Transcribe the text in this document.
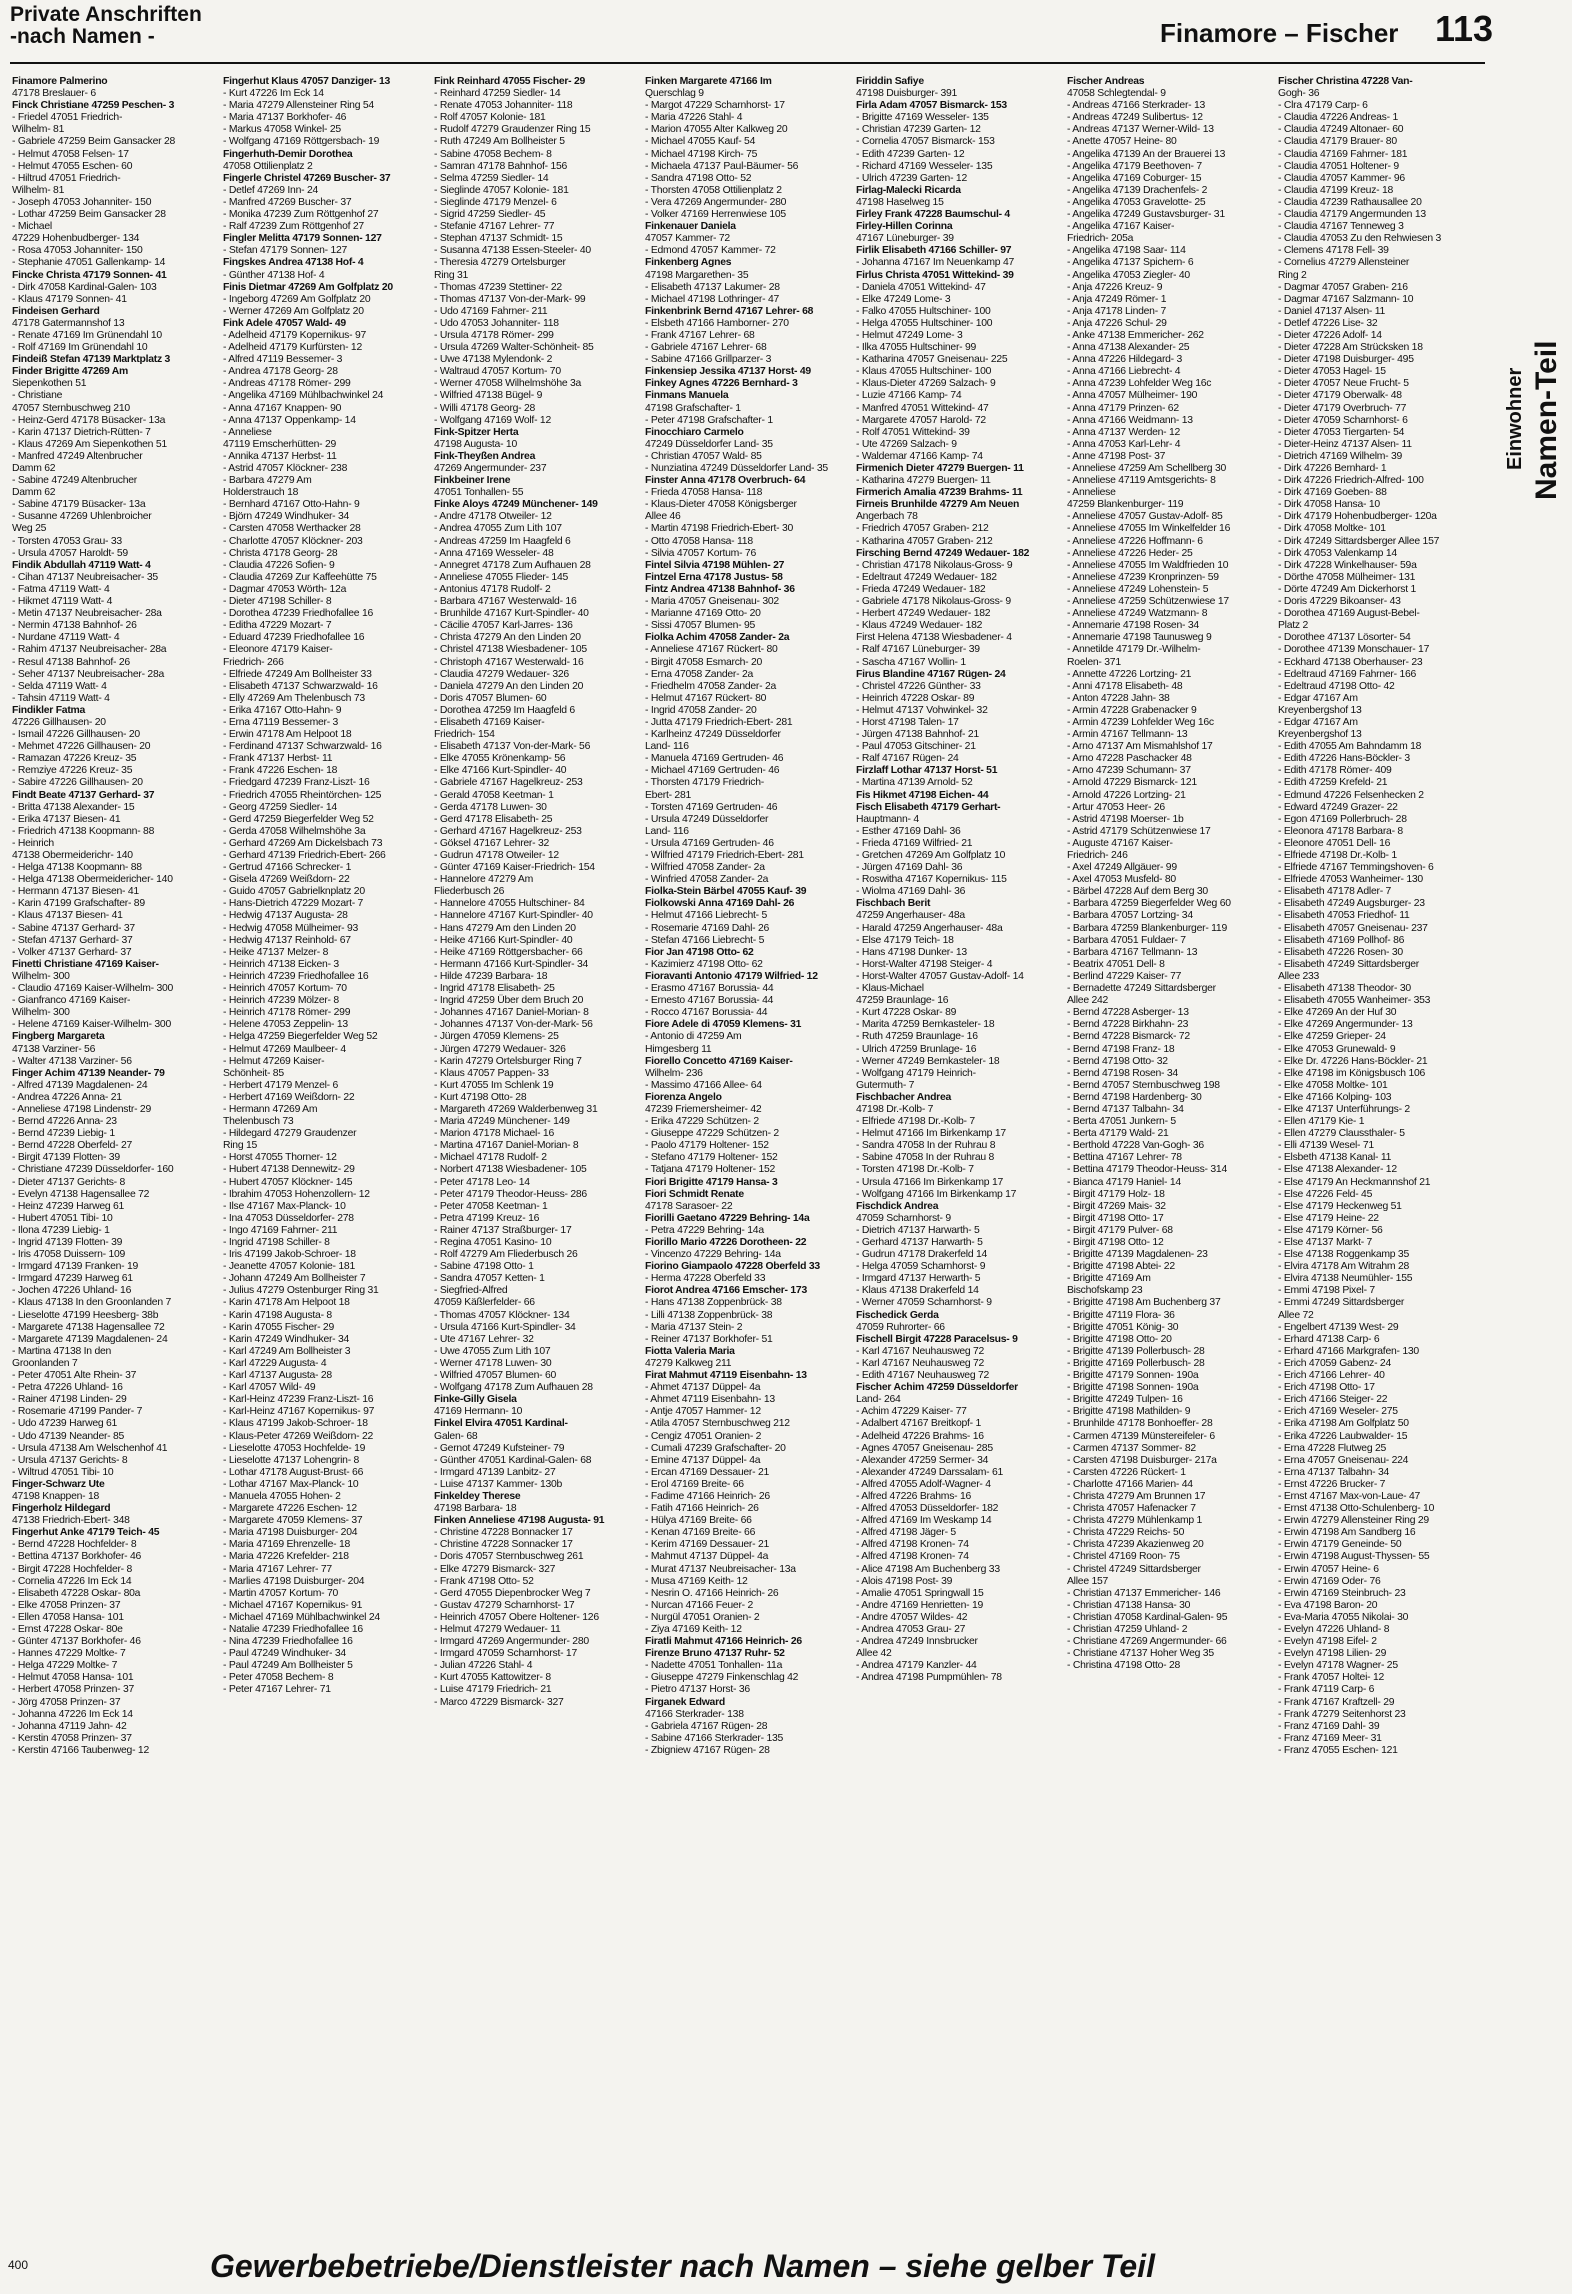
Private Anschriften
-nach Namen -	Finamore – Fischer 113
Finamore Palmerino
47178 Breslauer- 6
Finck Christiane 47259 Peschen- 3
- Friedel 47051 Friedrich-
Wilhelm- 81
- Gabriele 47259 Beim Gansacker 28
- Helmut 47058 Felsen- 17
- Helmut 47055 Eschen- 60
- Hiltrud 47051 Friedrich-
Wilhelm- 81
- Joseph 47053 Johanniter- 150
- Lothar 47259 Beim Gansacker 28
- Michael
47229 Hohenbudberger- 134
- Rosa 47053 Johanniter- 150
- Stephanie 47051 Gallenkamp- 14
Fincke Christa 47179 Sonnen- 41
- Dirk 47058 Kardinal-Galen- 103
- Klaus 47179 Sonnen- 41
Findeisen Gerhard
47178 Gatermannshof 13
- Renate 47169 Im Grünendahl 10
- Rolf 47169 Im Grünendahl 10
Findeiß Stefan 47139 Marktplatz 3
Finder Brigitte 47269 Am
Siepenkothen 51
- Christiane
47057 Sternbuschweg 210
- Heinz-Gerd 47178 Büsacker- 13a
- Karin 47137 Dietrich-Rütten- 7
- Klaus 47269 Am Siepenkothen 51
- Manfred 47249 Altenbrucher
Damm 62
- Sabine 47249 Altenbrucher
Damm 62
- Sabine 47179 Büsacker- 13a
- Susanne 47269 Uhlenbroicher
Weg 25
- Torsten 47053 Grau- 33
- Ursula 47057 Haroldt- 59
Findik Abdullah 47119 Watt- 4
- Cihan 47137 Neubreisacher- 35
- Fatma 47119 Watt- 4
- Hikmet 47119 Watt- 4
- Metin 47137 Neubreisacher- 28a
- Nermin 47138 Bahnhof- 26
- Nurdane 47119 Watt- 4
- Rahim 47137 Neubreisacher- 28a
- Resul 47138 Bahnhof- 26
- Seher 47137 Neubreisacher- 28a
- Selda 47119 Watt- 4
- Tahsin 47119 Watt- 4
Findikler Fatma
47226 Gillhausen- 20
- Ismail 47226 Gillhausen- 20
- Mehmet 47226 Gillhausen- 20
- Ramazan 47226 Kreuz- 35
- Remziye 47226 Kreuz- 35
- Sabire 47226 Gillhausen- 20
Findt Beate 47137 Gerhard- 37
- Britta 47138 Alexander- 15
- Erika 47137 Biesen- 41
- Friedrich 47138 Koopmann- 88
- Heinrich
47138 Obermeiderichr- 140
- Helga 47138 Koopmann- 88
- Helga 47138 Obermeidericher- 140
- Hermann 47137 Biesen- 41
- Karin 47199 Grafschafter- 89
- Klaus 47137 Biesen- 41
- Sabine 47137 Gerhard- 37
- Stefan 47137 Gerhard- 37
- Volker 47137 Gerhard- 37
Finetti Christiane 47169 Kaiser-
Wilhelm- 300
- Claudio 47169 Kaiser-Wilhelm- 300
- Gianfranco 47169 Kaiser-
Wilhelm- 300
- Helene 47169 Kaiser-Wilhelm- 300
Fingberg Margareta
47138 Varziner- 56
- Walter 47138 Varziner- 56
Finger Achim 47139 Neander- 79
- Alfred 47139 Magdalenen- 24
- Andrea 47226 Anna- 21
- Anneliese 47198 Lindenstr- 29
- Bernd 47226 Anna- 23
- Bernd 47239 Liebig- 1
- Bernd 47228 Oberfeld- 27
- Birgit 47139 Flotten- 39
- Christiane 47239 Düsseldorfer- 160
- Dieter 47137 Gerichts- 8
- Evelyn 47138 Hagensallee 72
- Heinz 47239 Harweg 61
- Hubert 47051 Tibi- 10
- Ilona 47239 Liebig- 1
- Ingrid 47139 Flotten- 39
- Iris 47058 Duissern- 109
- Irmgard 47139 Franken- 19
- Irmgard 47239 Harweg 61
- Jochen 47226 Uhland- 16
- Klaus 47138 In den Groonlanden 7
- Lieselotte 47199 Heesberg- 38b
- Margarete 47138 Hagensallee 72
- Margarete 47139 Magdalenen- 24
- Martina 47138 In den
Groonlanden 7
- Peter 47051 Alte Rhein- 37
- Petra 47226 Uhland- 16
- Rainer 47198 Linden- 29
- Rosemarie 47199 Pander- 7
- Udo 47239 Harweg 61
- Udo 47139 Neander- 85
- Ursula 47138 Am Welschenhof 41
- Ursula 47137 Gerichts- 8
- Wiltrud 47051 Tibi- 10
Finger-Schwarz Ute
47198 Knappen- 18
Fingerholz Hildegard
47138 Friedrich-Ebert- 348
Fingerhut Anke 47179 Teich- 45
- Bernd 47228 Hochfelder- 8
- Bettina 47137 Borkhofer- 46
- Birgit 47228 Hochfelder- 8
- Cornelia 47226 Im Eck 14
- Elisabeth 47228 Oskar- 80a
- Elke 47058 Prinzen- 37
- Ellen 47058 Hansa- 101
- Ernst 47228 Oskar- 80e
- Günter 47137 Borkhofer- 46
- Hannes 47229 Moltke- 7
- Helga 47229 Moltke- 7
- Helmut 47058 Hansa- 101
- Herbert 47058 Prinzen- 37
- Jörg 47058 Prinzen- 37
- Johanna 47226 Im Eck 14
- Johanna 47119 Jahn- 42
- Kerstin 47058 Prinzen- 37
- Kerstin 47166 Taubenweg- 12
Fingerhut Klaus 47057 Danziger- 13
- Kurt 47226 Im Eck 14
- Maria 47279 Allensteiner Ring 54
- Maria 47137 Borkhofer- 46
- Markus 47058 Winkel- 25
- Wolfgang 47169 Röttgersbach- 19
Fingerhuth-Demir Dorothea
47058 Ottilienplatz 2
Fingerle Christel 47269 Buscher- 37
- Detlef 47269 Inn- 24
- Manfred 47269 Buscher- 37
- Monika 47239 Zum Röttgenhof 27
- Ralf 47239 Zum Röttgenhof 27
Fingler Melitta 47179 Sonnen- 127
- Stefan 47179 Sonnen- 127
Fingskes Andrea 47138 Hof- 4
- Günther 47138 Hof- 4
Finis Dietmar 47269 Am Golfplatz 20
- Ingeborg 47269 Am Golfplatz 20
- Werner 47269 Am Golfplatz 20
Fink Adele 47057 Wald- 49
- Adelheid 47179 Kopernikus- 97
- Adelheid 47179 Kurfürsten- 12
- Alfred 47119 Bessemer- 3
- Andrea 47178 Georg- 28
- Andreas 47178 Römer- 299
- Angelika 47169 Mühlbachwinkel 24
- Anna 47167 Knappen- 90
- Anna 47137 Oppenkamp- 14
- Anneliese
47119 Emscherhütten- 29
- Annika 47137 Herbst- 11
- Astrid 47057 Klöckner- 238
- Barbara 47279 Am
Holderstrauch 18
- Bernhard 47167 Otto-Hahn- 9
- Björn 47249 Windhuker- 34
- Carsten 47058 Werthacker 28
- Charlotte 47057 Klöckner- 203
- Christa 47178 Georg- 28
- Claudia 47226 Sofien- 9
- Claudia 47269 Zur Kaffeehütte 75
- Dagmar 47053 Wörth- 12a
- Dieter 47198 Schiller- 8
- Dorothea 47239 Friedhofallee 16
- Editha 47229 Mozart- 7
- Eduard 47239 Friedhofallee 16
- Eleonore 47179 Kaiser-
Friedrich- 266
- Elfriede 47249 Am Bollheister 33
- Elisabeth 47137 Schwarzwald- 16
- Elly 47269 Am Thelenbusch 73
- Erika 47167 Otto-Hahn- 9
- Erna 47119 Bessemer- 3
- Erwin 47178 Am Helpoot 18
- Ferdinand 47137 Schwarzwald- 16
- Frank 47137 Herbst- 11
- Frank 47226 Eschen- 18
- Friedgard 47239 Franz-Liszt- 16
- Friedrich 47055 Rheintörchen- 125
- Georg 47259 Siedler- 14
- Gerd 47259 Biegerfelder Weg 52
- Gerda 47058 Wilhelmshöhe 3a
- Gerhard 47269 Am Dickelsbach 73
- Gerhard 47139 Friedrich-Ebert- 266
- Gertrud 47166 Schrecker- 1
- Gisela 47269 Weißdorn- 22
- Guido 47057 Gabrielknplatz 20
- Hans-Dietrich 47229 Mozart- 7
- Hedwig 47137 Augusta- 28
- Hedwig 47058 Mülheimer- 93
- Hedwig 47137 Reinhold- 67
- Heike 47137 Melzer- 8
- Heinrich 47138 Eicken- 3
- Heinrich 47239 Friedhofallee 16
- Heinrich 47057 Kortum- 70
- Heinrich 47239 Mölzer- 8
- Heinrich 47178 Römer- 299
- Helene 47053 Zeppelin- 13
- Helga 47259 Biegerfelder Weg 52
- Helmut 47269 Maulbeer- 4
- Helmut 47269 Kaiser-
Schönheit- 85
- Herbert 47179 Menzel- 6
- Herbert 47169 Weißdorn- 22
- Hermann 47269 Am
Thelenbusch 73
- Hildegard 47279 Graudenzer
Ring 15
- Horst 47055 Thorner- 12
- Hubert 47138 Dennewitz- 29
- Hubert 47057 Klöckner- 145
- Ibrahim 47053 Hohenzollern- 12
- Ilse 47167 Max-Planck- 10
- Ina 47053 Düsseldorfer- 278
- Ingo 47169 Fahrner- 211
- Ingrid 47198 Schiller- 8
- Iris 47199 Jakob-Schroer- 18
- Jeanette 47057 Kolonie- 181
- Johann 47249 Am Bollheister 7
- Julius 47279 Ostenburger Ring 31
- Karin 47178 Am Helpoot 18
- Karin 47198 Augusta- 8
- Karin 47055 Fischer- 29
- Karin 47249 Windhuker- 34
- Karl 47249 Am Bollheister 3
- Karl 47229 Augusta- 4
- Karl 47137 Augusta- 28
- Karl 47057 Wild- 49
- Karl-Heinz 47239 Franz-Liszt- 16
- Karl-Heinz 47167 Kopernikus- 97
- Klaus 47199 Jakob-Schroer- 18
- Klaus-Peter 47269 Weißdorn- 22
- Lieselotte 47053 Hochfelde- 19
- Lieselotte 47137 Lohengrin- 8
- Lothar 47178 August-Brust- 66
- Lothar 47167 Max-Planck- 10
- Manuela 47055 Hohen- 2
- Margarete 47226 Eschen- 12
- Margarete 47059 Klemens- 37
- Maria 47198 Duisburger- 204
- Maria 47169 Ehrenzelle- 18
- Maria 47226 Krefelder- 218
- Maria 47167 Lehrer- 77
- Marlies 47198 Duisburger- 204
- Martin 47057 Kortum- 70
- Michael 47167 Kopernikus- 91
- Michael 47169 Mühlbachwinkel 24
- Natalie 47239 Friedhofallee 16
- Nina 47239 Friedhofallee 16
- Paul 47249 Windhuker- 34
- Paul 47249 Am Bollheister 5
- Peter 47058 Bechem- 8
- Peter 47167 Lehrer- 71
Fink Reinhard 47055 Fischer- 29
- Reinhard 47259 Siedler- 14
- Renate 47053 Johanniter- 118
- Rolf 47057 Kolonie- 181
- Rudolf 47279 Graudenzer Ring 15
- Ruth 47249 Am Bollheister 5
- Sabine 47058 Bechem- 8
- Samran 47178 Bahnhof- 156
- Selma 47259 Siedler- 14
- Sieglinde 47057 Kolonie- 181
- Sieglinde 47179 Menzel- 6
- Sigrid 47259 Siedler- 45
- Stefanie 47167 Lehrer- 77
- Stephan 47137 Schmidt- 15
- Susanna 47138 Essen-Steeler- 40
- Theresia 47279 Ortelsburger
Ring 31
- Thomas 47239 Stettiner- 22
- Thomas 47137 Von-der-Mark- 99
- Udo 47169 Fahrner- 211
- Udo 47053 Johanniter- 118
- Ursula 47178 Römer- 299
- Ursula 47269 Walter-Schönheit- 85
- Uwe 47138 Mylendonk- 2
- Waltraud 47057 Kortum- 70
- Werner 47058 Wilhelmshöhe 3a
- Wilfried 47138 Bügel- 9
- Willi 47178 Georg- 28
- Wolfgang 47169 Wolf- 12
Fink-Spitzer Herta
47198 Augusta- 10
Fink-Theyßen Andrea
47269 Angermunder- 237
Finkbeiner Irene
47051 Tonhallen- 55
Finke Aloys 47249 Münchener- 149
- Andre 47178 Otweiler- 12
- Andrea 47055 Zum Lith 107
- Andreas 47259 Im Haagfeld 6
- Anna 47169 Wesseler- 48
- Annegret 47178 Zum Aufhauen 28
- Anneliese 47055 Flieder- 145
- Antonius 47178 Rudolf- 2
- Barbara 47167 Westerwald- 16
- Brunhilde 47167 Kurt-Spindler- 40
- Cäcilie 47057 Karl-Jarres- 136
- Christa 47279 An den Linden 20
- Christel 47138 Wiesbadener- 105
- Christoph 47167 Westerwald- 16
- Claudia 47279 Wedauer- 326
- Daniela 47279 An den Linden 20
- Doris 47057 Blumen- 60
- Dorothea 47259 Im Haagfeld 6
- Elisabeth 47169 Kaiser-
Friedrich- 154
- Elisabeth 47137 Von-der-Mark- 56
- Elke 47055 Krönenkamp- 56
- Elke 47166 Kurt-Spindler- 40
- Gabriele 47167 Hagelkreuz- 253
- Gerald 47058 Keetman- 1
- Gerda 47178 Luwen- 30
- Gerd 47178 Elisabeth- 25
- Gerhard 47167 Hagelkreuz- 253
- Göksel 47167 Lehrer- 32
- Gudrun 47178 Otweiler- 12
- Günter 47169 Kaiser-Friedrich- 154
- Hannelore 47279 Am
Fliederbusch 26
- Hannelore 47055 Hultschiner- 84
- Hannelore 47167 Kurt-Spindler- 40
- Hans 47279 Am den Linden 20
- Heike 47166 Kurt-Spindler- 40
- Heike 47169 Röttgersbacher- 66
- Hermann 47166 Kurt-Spindler- 34
- Hilde 47239 Barbara- 18
- Ingrid 47178 Elisabeth- 25
- Ingrid 47259 Über dem Bruch 20
- Johannes 47167 Daniel-Morian- 8
- Johannes 47137 Von-der-Mark- 56
- Jürgen 47059 Klemens- 25
- Jürgen 47279 Wedauer- 326
- Karin 47279 Ortelsburger Ring 7
- Klaus 47057 Pappen- 33
- Kurt 47055 Im Schlenk 19
- Kurt 47198 Otto- 28
- Margareth 47269 Walderbenweg 31
- Maria 47249 Münchener- 149
- Marion 47178 Michael- 16
- Martina 47167 Daniel-Morian- 8
- Michael 47178 Rudolf- 2
- Norbert 47138 Wiesbadener- 105
- Peter 47178 Leo- 14
- Peter 47179 Theodor-Heuss- 286
- Peter 47058 Keetman- 1
- Petra 47199 Kreuz- 16
- Rainer 47137 Straßburger- 17
- Regina 47051 Kasino- 10
- Rolf 47279 Am Fliederbusch 26
- Sabine 47198 Otto- 1
- Sandra 47057 Ketten- 1
- Siegfried-Alfred
47059 Käßlerfelder- 66
- Thomas 47057 Klöckner- 134
- Ursula 47166 Kurt-Spindler- 34
- Ute 47167 Lehrer- 32
- Uwe 47055 Zum Lith 107
- Werner 47178 Luwen- 30
- Wilfried 47057 Blumen- 60
- Wolfgang 47178 Zum Aufhauen 28
Finke-Gilly Gisela
47169 Hermann- 10
Finkel Elvira 47051 Kardinal-
Galen- 68
- Gernot 47249 Kufsteiner- 79
- Günther 47051 Kardinal-Galen- 68
- Irmgard 47139 Lanbitz- 27
- Luise 47137 Kammer- 130b
Finkeldey Therese
47198 Barbara- 18
Finken Anneliese 47198 Augusta- 91
- Christine 47228 Bonnacker 17
- Christine 47228 Sonnacker 17
- Doris 47057 Sternbuschweg 261
- Elke 47279 Bismarck- 327
- Frank 47198 Otto- 52
- Gerd 47055 Diepenbrocker Weg 7
- Gustav 47279 Scharnhorst- 17
- Heinrich 47057 Obere Holtener- 126
- Helmut 47279 Wedauer- 11
- Irmgard 47269 Angermunder- 280
- Irmgard 47059 Scharnhorst- 17
- Julian 47226 Stahl- 4
- Kurt 47055 Kattowitzer- 8
- Luise 47179 Friedrich- 21
- Marco 47229 Bismarck- 327
Finken Margarete 47166 Im
Querschlag 9
- Margot 47229 Scharnhorst- 17
- Maria 47226 Stahl- 4
- Marion 47055 Alter Kalkweg 20
- Michael 47055 Kauf- 54
- Michael 47198 Kirch- 75
- Michaela 47137 Paul-Bäumer- 56
- Sandra 47198 Otto- 52
- Thorsten 47058 Ottilienplatz 2
- Vera 47269 Angermunder- 280
- Volker 47169 Herrenwiese 105
Finkenauer Daniela
47057 Kammer- 72
- Edmond 47057 Kammer- 72
Finkenberg Agnes
47198 Margarethen- 35
- Elisabeth 47137 Lakumer- 28
- Michael 47198 Lothringer- 47
Finkenbrink Bernd 47167 Lehrer- 68
- Elsbeth 47166 Hamborner- 270
- Frank 47167 Lehrer- 68
- Gabriele 47167 Lehrer- 68
- Sabine 47166 Grillparzer- 3
Finkensiep Jessika 47137 Horst- 49
Finkey Agnes 47226 Bernhard- 3
Finmans Manuela
47198 Grafschafter- 1
- Peter 47198 Grafschafter- 1
Finocchiaro Carmelo
47249 Düsseldorfer Land- 35
- Christian 47057 Wald- 85
- Nunziatina 47249 Düsseldorfer Land- 35
Finster Anna 47178 Overbruch- 64
- Frieda 47058 Hansa- 118
- Klaus-Dieter 47058 Königsberger
Allee 46
- Martin 47198 Friedrich-Ebert- 30
- Otto 47058 Hansa- 118
- Silvia 47057 Kortum- 76
Fintel Silvia 47198 Mühlen- 27
Fintzel Erna 47178 Justus- 58
Fintz Andrea 47138 Bahnhof- 36
- Maria 47057 Gneisenau- 302
- Marianne 47169 Otto- 20
- Sissi 47057 Blumen- 95
Fiolka Achim 47058 Zander- 2a
- Anneliese 47167 Rückert- 80
- Birgit 47058 Esmarch- 20
- Erna 47058 Zander- 2a
- Friedhelm 47058 Zander- 2a
- Helmut 47167 Rückert- 80
- Ingrid 47058 Zander- 20
- Jutta 47179 Friedrich-Ebert- 281
- Karlheinz 47249 Düsseldorfer
Land- 116
- Manuela 47169 Gertruden- 46
- Michael 47169 Gertruden- 46
- Thorsten 47179 Friedrich-
Ebert- 281
- Torsten 47169 Gertruden- 46
- Ursula 47249 Düsseldorfer
Land- 116
- Ursula 47169 Gertruden- 46
- Wilfried 47179 Friedrich-Ebert- 281
- Wilfried 47058 Zander- 2a
- Winfried 47058 Zander- 2a
Fiolka-Stein Bärbel 47055 Kauf- 39
Fiolkowski Anna 47169 Dahl- 26
- Helmut 47166 Liebrecht- 5
- Rosemarie 47169 Dahl- 26
- Stefan 47166 Liebrecht- 5
Fior Jan 47198 Otto- 62
- Kazimierz 47198 Otto- 62
Fioravanti Antonio 47179 Wilfried- 12
- Erasmo 47167 Borussia- 44
- Ernesto 47167 Borussia- 44
- Rocco 47167 Borussia- 44
Fiore Adele di 47059 Klemens- 31
- Antonio di 47259 Am
Himgesberg 11
Fiorello Concetto 47169 Kaiser-
Wilhelm- 236
- Massimo 47166 Allee- 64
Fiorenza Angelo
47239 Friemersheimer- 42
- Erika 47229 Schützen- 2
- Giuseppe 47229 Schützen- 2
- Paolo 47179 Holtener- 152
- Stefano 47179 Holtener- 152
- Tatjana 47179 Holtener- 152
Fiori Brigitte 47179 Hansa- 3
Fiori Schmidt Renate
47178 Sarasoer- 22
Fiorilli Gaetano 47229 Behring- 14a
- Petra 47229 Behring- 14a
Fiorillo Mario 47226 Dorotheen- 22
- Vincenzo 47229 Behring- 14a
Fiorino Giampaolo 47228 Oberfeld 33
- Herma 47228 Oberfeld 33
Fiorot Andrea 47166 Emscher- 173
- Hans 47138 Zoppenbrück- 38
- Lilli 47138 Zoppenbrück- 38
- Maria 47137 Stein- 2
- Reiner 47137 Borkhofer- 51
Fiotta Valeria Maria
47279 Kalkweg 211
Firat Mahmut 47119 Eisenbahn- 13
- Ahmet 47137 Düppel- 4a
- Ahmet 47119 Eisenbahn- 13
- Antje 47057 Hammer- 12
- Atila 47057 Sternbuschweg 212
- Cengiz 47051 Oranien- 2
- Cumali 47239 Grafschafter- 20
- Emine 47137 Düppel- 4a
- Ercan 47169 Dessauer- 21
- Erol 47169 Breite- 66
- Fadime 47166 Heinrich- 26
- Fatih 47166 Heinrich- 26
- Hülya 47169 Breite- 66
- Kenan 47169 Breite- 66
- Kerim 47169 Dessauer- 21
- Mahmut 47137 Düppel- 4a
- Murat 47137 Neubreisacher- 13a
- Musa 47169 Keith- 12
- Nesrin O. 47166 Heinrich- 26
- Nurcan 47166 Feuer- 2
- Nurgül 47051 Oranien- 2
- Ziya 47169 Keith- 12
Firatli Mahmut 47166 Heinrich- 26
Firenze Bruno 47137 Ruhr- 52
- Nadette 47051 Tonhallen- 11a
- Giuseppe 47279 Finkenschlag 42
- Pietro 47137 Horst- 36
Firganek Edward
47166 Sterkrader- 138
- Gabriela 47167 Rügen- 28
- Sabine 47166 Sterkrader- 135
- Zbigniew 47167 Rügen- 28
Firiddin Safiye
47198 Duisburger- 391
Firla Adam 47057 Bismarck- 153
- Brigitte 47169 Wesseler- 135
- Christian 47239 Garten- 12
- Cornelia 47057 Bismarck- 153
- Edith 47239 Garten- 12
- Richard 47169 Wesseler- 135
- Ulrich 47239 Garten- 12
Firlag-Malecki Ricarda
47198 Haselweg 15
Firley Frank 47228 Baumschul- 4
Firley-Hillen Corinna
47167 Lüneburger- 39
Firlik Elisabeth 47166 Schiller- 97
- Johanna 47167 Im Neuenkamp 47
Firlus Christa 47051 Wittekind- 39
- Daniela 47051 Wittekind- 47
- Elke 47249 Lome- 3
- Falko 47055 Hultschiner- 100
- Helga 47055 Hultschiner- 100
- Helmut 47249 Lome- 3
- Ilka 47055 Hultschiner- 99
- Katharina 47057 Gneisenau- 225
- Klaus 47055 Hultschiner- 100
- Klaus-Dieter 47269 Salzach- 9
- Luzie 47166 Kamp- 74
- Manfred 47051 Wittekind- 47
- Margarete 47057 Harold- 72
- Rolf 47051 Wittekind- 39
- Ute 47269 Salzach- 9
- Waldemar 47166 Kamp- 74
Firmenich Dieter 47279 Buergen- 11
- Katharina 47279 Buergen- 11
Firmerich Amalia 47239 Brahms- 11
Firneis Brunhilde 47279 Am Neuen
Angerbach 78
- Friedrich 47057 Graben- 212
- Katharina 47057 Graben- 212
Firsching Bernd 47249 Wedauer- 182
- Christian 47178 Nikolaus-Gross- 9
- Edeltraut 47249 Wedauer- 182
- Frieda 47249 Wedauer- 182
- Gabriele 47178 Nikolaus-Gross- 9
- Herbert 47249 Wedauer- 182
- Klaus 47249 Wedauer- 182
First Helena 47138 Wiesbadener- 4
- Ralf 47167 Lüneburger- 39
- Sascha 47167 Wollin- 1
Firus Blandine 47167 Rügen- 24
- Christel 47226 Günther- 33
- Heinrich 47228 Oskar- 89
- Helmut 47137 Vohwinkel- 32
- Horst 47198 Talen- 17
- Jürgen 47138 Bahnhof- 21
- Paul 47053 Gitschiner- 21
- Ralf 47167 Rügen- 24
Firzlaff Lothar 47137 Horst- 51
- Martina 47139 Arnold- 52
Fis Hikmet 47198 Eichen- 44
Fisch Elisabeth 47179 Gerhart-
Hauptmann- 4
- Esther 47169 Dahl- 36
- Frieda 47169 Wilfried- 21
- Gretchen 47269 Am Golfplatz 10
- Jürgen 47169 Dahl- 36
- Roswitha 47167 Kopernikus- 115
- Wiolma 47169 Dahl- 36
Fischbach Berit
47259 Angerhauser- 48a
- Harald 47259 Angerhauser- 48a
- Else 47179 Teich- 18
- Hans 47198 Dunker- 13
- Horst-Walter 47198 Steiger- 4
- Horst-Walter 47057 Gustav-Adolf- 14
- Klaus-Michael
47259 Braunlage- 16
- Kurt 47228 Oskar- 89
- Marita 47259 Bernkasteler- 18
- Ruth 47259 Braunlage- 16
- Ulrich 47259 Brunlage- 16
- Werner 47249 Bernkasteler- 18
- Wolfgang 47179 Heinrich-
Gutermuth- 7
Fischbacher Andrea
47198 Dr.-Kolb- 7
- Elfriede 47198 Dr.-Kolb- 7
- Helmut 47166 Im Birkenkamp 17
- Sandra 47058 In der Ruhrau 8
- Sabine 47058 In der Ruhrau 8
- Torsten 47198 Dr.-Kolb- 7
- Ursula 47166 Im Birkenkamp 17
- Wolfgang 47166 Im Birkenkamp 17
Fischdick Andrea
47059 Scharnhorst- 9
- Dietrich 47137 Harwarth- 5
- Gerhard 47137 Harwarth- 5
- Gudrun 47178 Drakerfeld 14
- Helga 47059 Scharnhorst- 9
- Irmgard 47137 Herwarth- 5
- Klaus 47138 Drakerfeld 14
- Werner 47059 Scharnhorst- 9
Fischedick Gerda
47059 Ruhrorter- 66
Fischell Birgit 47228 Paracelsus- 9
- Karl 47167 Neuhausweg 72
- Karl 47167 Neuhausweg 72
- Edith 47167 Neuhausweg 72
Fischer Achim 47259 Düsseldorfer
Land- 264
- Achim 47229 Kaiser- 77
- Adalbert 47167 Breitkopf- 1
- Adelheid 47226 Brahms- 16
- Agnes 47057 Gneisenau- 285
- Alexander 47259 Sermer- 34
- Alexander 47249 Darssalam- 61
- Alfred 47055 Adolf-Wagner- 4
- Alfred 47226 Brahms- 16
- Alfred 47053 Düsseldorfer- 182
- Alfred 47169 Im Weskamp 14
- Alfred 47198 Jäger- 5
- Alfred 47198 Kronen- 74
- Alfred 47198 Kronen- 74
- Alice 47198 Am Buchenberg 33
- Alois 47198 Post- 39
- Amalie 47051 Springwall 15
- Andre 47169 Henrietten- 19
- Andre 47057 Wildes- 42
- Andrea 47053 Grau- 27
- Andrea 47249 Innsbrucker
Allee 42
- Andrea 47179 Kanzler- 44
- Andrea 47198 Pumpmühlen- 78
Fischer Andreas
47058 Schlegtendal- 9
- Andreas 47166 Sterkrader- 13
- Andreas 47249 Sulibertus- 12
- Andreas 47137 Werner-Wild- 13
- Anette 47057 Heine- 80
- Angelika 47139 An der Brauerei 13
- Angelika 47179 Beethoven- 7
- Angelika 47169 Coburger- 15
- Angelika 47139 Drachenfels- 2
- Angelika 47053 Gravelotte- 25
- Angelika 47249 Gustavsburger- 31
- Angelika 47167 Kaiser-
Friedrich- 205a
- Angelika 47198 Saar- 114
- Angelika 47137 Spichern- 6
- Angelika 47053 Ziegler- 40
- Anja 47226 Kreuz- 9
- Anja 47249 Römer- 1
- Anja 47178 Linden- 7
- Anja 47226 Schul- 29
- Anke 47138 Emmericher- 262
- Anna 47138 Alexander- 25
- Anna 47226 Hildegard- 3
- Anna 47166 Liebrecht- 4
- Anna 47239 Lohfelder Weg 16c
- Anna 47057 Mülheimer- 190
- Anna 47179 Prinzen- 62
- Anna 47166 Weidmann- 13
- Anna 47137 Werden- 12
- Anna 47053 Karl-Lehr- 4
- Anne 47198 Post- 37
- Anneliese 47259 Am Schellberg 30
- Anneliese 47119 Amtsgerichts- 8
- Anneliese
47259 Blankenburger- 119
- Anneliese 47057 Gustav-Adolf- 85
- Anneliese 47055 Im Winkelfelder 16
- Anneliese 47226 Hoffmann- 6
- Anneliese 47226 Heder- 25
- Anneliese 47055 Im Waldfrieden 10
- Anneliese 47239 Kronprinzen- 59
- Anneliese 47249 Lohenstein- 5
- Anneliese 47259 Schützenwiese 17
- Anneliese 47249 Watzmann- 8
- Annemarie 47198 Rosen- 34
- Annemarie 47198 Taunusweg 9
- Annetilde 47179 Dr.-Wilhelm-
Roelen- 371
- Annette 47226 Lortzing- 21
- Anni 47178 Elisabeth- 48
- Anton 47228 Jahn- 38
- Armin 47228 Grabenacker 9
- Armin 47239 Lohfelder Weg 16c
- Armin 47167 Tellmann- 13
- Arno 47137 Am Mismahlshof 17
- Arno 47228 Paschacker 48
- Arno 47239 Schumann- 37
- Arnold 47229 Bismarck- 121
- Arnold 47226 Lortzing- 21
- Artur 47053 Heer- 26
- Astrid 47198 Moerser- 1b
- Astrid 47179 Schützenwiese 17
- Auguste 47167 Kaiser-
Friedrich- 246
- Axel 47249 Allgäuer- 99
- Axel 47053 Musfeld- 80
- Bärbel 47228 Auf dem Berg 30
- Barbara 47259 Biegerfelder Weg 60
- Barbara 47057 Lortzing- 34
- Barbara 47259 Blankenburger- 119
- Barbara 47051 Fuldaer- 7
- Barbara 47167 Tellmann- 13
- Beatrix 47051 Dell- 8
- Berlind 47229 Kaiser- 77
- Bernadette 47249 Sittardsberger
Allee 242
- Bernd 47228 Asberger- 13
- Bernd 47228 Birkhahn- 23
- Bernd 47228 Bismarck- 72
- Bernd 47198 Franz- 18
- Bernd 47198 Otto- 32
- Bernd 47198 Rosen- 34
- Bernd 47057 Sternbuschweg 198
- Bernd 47198 Hardenberg- 30
- Bernd 47137 Talbahn- 34
- Berta 47051 Junkern- 5
- Berta 47179 Wald- 21
- Berthold 47228 Van-Gogh- 36
- Bettina 47167 Lehrer- 78
- Bettina 47179 Theodor-Heuss- 314
- Bianca 47179 Haniel- 14
- Birgit 47179 Holz- 18
- Birgit 47269 Mais- 32
- Birgit 47198 Otto- 17
- Birgit 47179 Pulver- 68
- Birgit 47198 Otto- 12
- Brigitte 47139 Magdalenen- 23
- Brigitte 47198 Abtei- 22
- Brigitte 47169 Am
Bischofskamp 23
- Brigitte 47198 Am Buchenberg 37
- Brigitte 47119 Flora- 36
- Brigitte 47051 König- 30
- Brigitte 47198 Otto- 20
- Brigitte 47139 Pollerbusch- 28
- Brigitte 47169 Pollerbusch- 28
- Brigitte 47179 Sonnen- 190a
- Brigitte 47198 Sonnen- 190a
- Brigitte 47249 Tulpen- 16
- Brigitte 47198 Mathilden- 9
- Brunhilde 47178 Bonhoeffer- 28
- Carmen 47139 Münstereifeler- 6
- Carmen 47137 Sommer- 82
- Carsten 47198 Duisburger- 217a
- Carsten 47226 Rückert- 1
- Charlotte 47166 Marien- 44
- Christa 47279 Am Brunnen 17
- Christa 47057 Hafenacker 7
- Christa 47279 Mühlenkamp 1
- Christa 47229 Reichs- 50
- Christa 47239 Akazienweg 20
- Christel 47169 Roon- 75
- Christel 47249 Sittardsberger
Allee 157
- Christian 47137 Emmericher- 146
- Christian 47138 Hansa- 30
- Christian 47058 Kardinal-Galen- 95
- Christian 47259 Uhland- 2
- Christiane 47269 Angermunder- 66
- Christiane 47137 Hoher Weg 35
- Christina 47198 Otto- 28
Fischer Christina 47228 Van-
Gogh- 36
- Clra 47179 Carp- 6
- Claudia 47226 Andreas- 1
- Claudia 47249 Altonaer- 60
- Claudia 47179 Brauer- 80
- Claudia 47169 Fahrner- 181
- Claudia 47051 Holtener- 9
- Claudia 47057 Kammer- 96
- Claudia 47199 Kreuz- 18
- Claudia 47239 Rathausallee 20
- Claudia 47179 Angermunden 13
- Claudia 47167 Tenneweg 3
- Claudia 47053 Zu den Rehwiesen 3
- Clemens 47178 Fell- 39
- Cornelius 47279 Allensteiner
Ring 2
- Dagmar 47057 Graben- 216
- Dagmar 47167 Salzmann- 10
- Daniel 47137 Alsen- 11
- Detlef 47226 Lise- 32
- Dieter 47226 Adolf- 14
- Dieter 47228 Am Strücksken 18
- Dieter 47198 Duisburger- 495
- Dieter 47053 Hagel- 15
- Dieter 47057 Neue Frucht- 5
- Dieter 47179 Oberwalk- 48
- Dieter 47179 Overbruch- 77
- Dieter 47059 Scharnhorst- 6
- Dieter 47053 Tiergarten- 54
- Dieter-Heinz 47137 Alsen- 11
- Dietrich 47169 Wilhelm- 39
- Dirk 47226 Bernhard- 1
- Dirk 47226 Friedrich-Alfred- 100
- Dirk 47169 Goeben- 88
- Dirk 47058 Hansa- 10
- Dirk 47179 Hohenbudberger- 120a
- Dirk 47058 Moltke- 101
- Dirk 47249 Sittardsberger Allee 157
- Dirk 47053 Valenkamp 14
- Dirk 47228 Winkelhauser- 59a
- Dörthe 47058 Mülheimer- 131
- Dörte 47249 Am Dickerhorst 1
- Doris 47229 Bikoanser- 43
- Dorothea 47169 August-Bebel-
Platz 2
- Dorothee 47137 Lösorter- 54
- Dorothee 47139 Monschauer- 17
- Eckhard 47138 Oberhauser- 23
- Edeltraud 47169 Fahrner- 166
- Edeltraud 47198 Otto- 42
- Edgar 47167 Am
Kreyenbergshof 13
- Edgar 47167 Am
Kreyenbergshof 13
- Edith 47055 Am Bahndamm 18
- Edith 47226 Hans-Böckler- 3
- Edith 47178 Römer- 409
- Edith 47259 Krefeld- 21
- Edmund 47226 Felsenhecken 2
- Edward 47249 Grazer- 22
- Egon 47169 Pollerbruch- 28
- Eleonora 47178 Barbara- 8
- Eleonore 47051 Dell- 16
- Elfriede 47198 Dr.-Kolb- 1
- Elfriede 47167 Temmingshoven- 6
- Elfriede 47053 Wanheimer- 130
- Elisabeth 47178 Adler- 7
- Elisabeth 47249 Augsburger- 23
- Elisabeth 47053 Friedhof- 11
- Elisabeth 47057 Gneisenau- 237
- Elisabeth 47169 Pollhof- 86
- Elisabeth 47226 Rosen- 30
- Elisabeth 47249 Sittardsberger
Allee 233
- Elisabeth 47138 Theodor- 30
- Elisabeth 47055 Wanheimer- 353
- Elke 47269 An der Huf 30
- Elke 47269 Angermunder- 13
- Elke 47259 Grieper- 24
- Elke 47053 Grunewald- 9
- Elke Dr. 47226 Hans-Böckler- 21
- Elke 47198 im Königsbusch 106
- Elke 47058 Moltke- 101
- Elke 47166 Kolping- 103
- Elke 47137 Unterführungs- 2
- Ellen 47179 Kie- 1
- Ellen 47279 Claussthaler- 5
- Elli 47139 Wesel- 71
- Elsbeth 47138 Kanal- 11
- Else 47138 Alexander- 12
- Else 47179 An Heckmannshof 21
- Else 47226 Feld- 45
- Else 47179 Heckenweg 51
- Else 47179 Heine- 22
- Else 47179 Körner- 56
- Else 47137 Markt- 7
- Else 47138 Roggenkamp 35
- Elvira 47178 Am Witrahm 28
- Elvira 47138 Neumühler- 155
- Emmi 47198 Pixel- 7
- Emmi 47249 Sittardsberger
Allee 72
- Engelbert 47139 West- 29
- Erhard 47138 Carp- 6
- Erhard 47166 Markgrafen- 130
- Erich 47059 Gabenz- 24
- Erich 47166 Lehrer- 40
- Erich 47198 Otto- 17
- Erich 47166 Steiger- 22
- Erich 47169 Weseler- 275
- Erika 47198 Am Golfplatz 50
- Erika 47226 Laubwalder- 15
- Erna 47228 Flutweg 25
- Erna 47057 Gneisenau- 224
- Erna 47137 Talbahn- 34
- Ernst 47226 Brucker- 7
- Ernst 47167 Max-von-Laue- 47
- Ernst 47138 Otto-Schulenberg- 10
- Erwin 47279 Allensteiner Ring 29
- Erwin 47198 Am Sandberg 16
- Erwin 47179 Geneinde- 50
- Erwin 47198 August-Thyssen- 55
- Erwin 47057 Heine- 6
- Erwin 47169 Oder- 76
- Erwin 47169 Steinbruch- 23
- Eva 47198 Baron- 20
- Eva-Maria 47055 Nikolai- 30
- Evelyn 47226 Uhland- 8
- Evelyn 47198 Eifel- 2
- Evelyn 47198 Lilien- 29
- Evelyn 47178 Wagner- 25
- Frank 47057 Holtei- 12
- Frank 47119 Carp- 6
- Frank 47167 Kraftzell- 29
- Frank 47279 Seitenhorst 23
- Franz 47169 Dahl- 39
- Franz 47169 Meer- 31
- Franz 47055 Eschen- 121
Einwohner Namen-Teil
400	Gewerbebetriebe/Dienstleister nach Namen – siehe gelber Teil
